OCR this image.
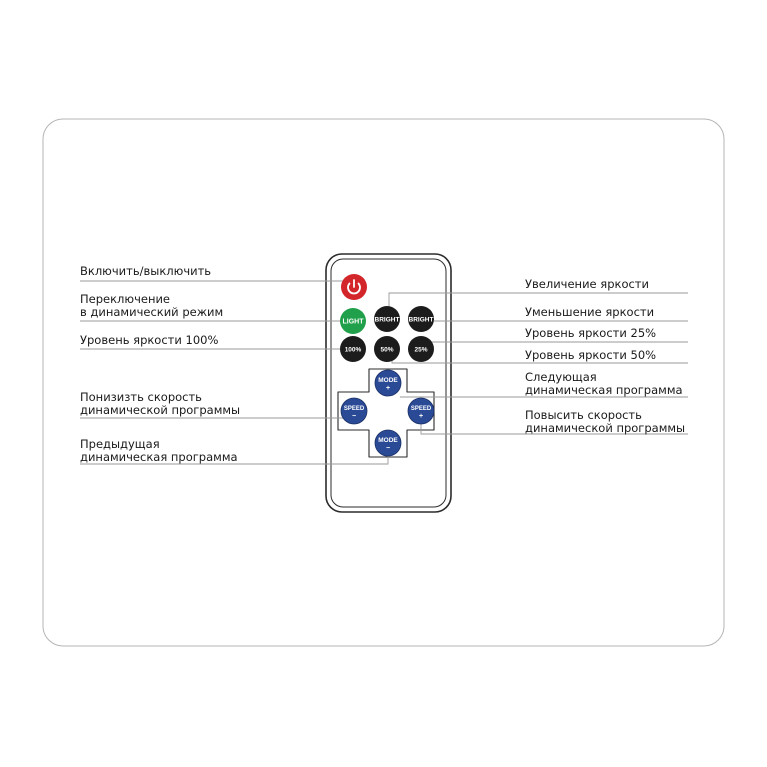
LIGHT BRIGHT BRIGHT
100%	50%	25%
MODE
+
SPEED
−
SPEED
+
MODE
−
Включить/выключить
Переключение
в динамический режим
Уровень яркости 100%
Понизизть скорость
динамической программы
Предыдущая
динамическая программа
Увеличение яркости
Уменьшение яркости
Уровень яркости 25%
Уровень яркости 50%
Следующая
динамическая программа
Повысить скорость
динамической программы
